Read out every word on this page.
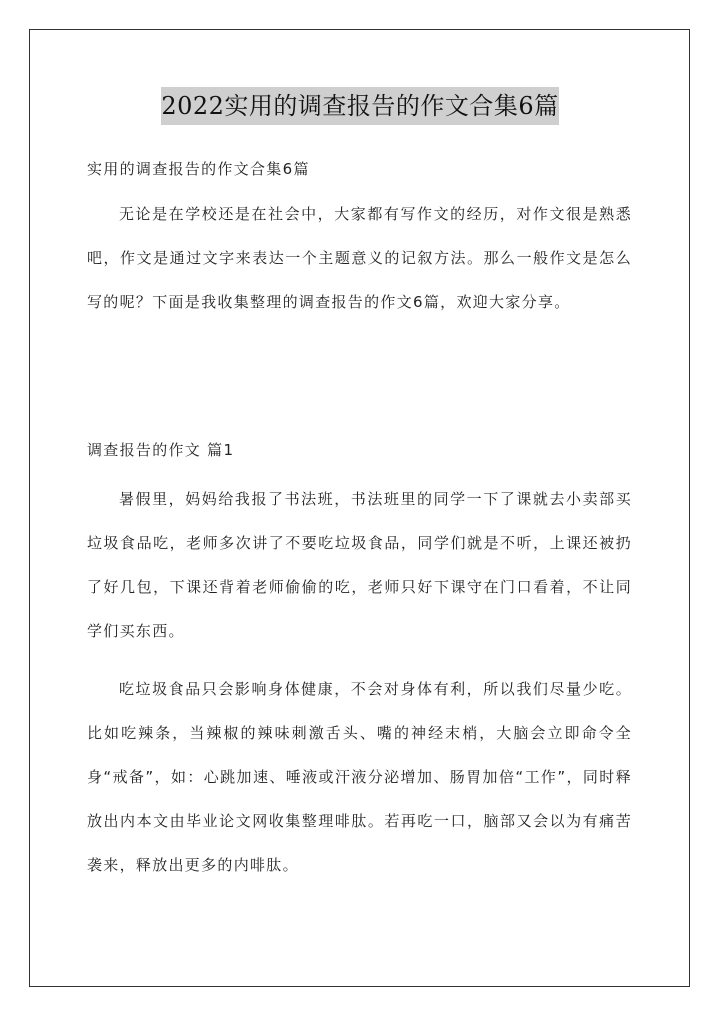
2022实用的调查报告的作文合集6篇
实用的调查报告的作文合集6篇
无论是在学校还是在社会中，大家都有写作文的经历，对作文很是熟悉吧，作文是通过文字来表达一个主题意义的记叙方法。那么一般作文是怎么写的呢？下面是我收集整理的调查报告的作文6篇，欢迎大家分享。
调查报告的作文 篇1
暑假里，妈妈给我报了书法班，书法班里的同学一下了课就去小卖部买垃圾食品吃，老师多次讲了不要吃垃圾食品，同学们就是不听，上课还被扔了好几包，下课还背着老师偷偷的吃，老师只好下课守在门口看着，不让同学们买东西。
吃垃圾食品只会影响身体健康，不会对身体有利，所以我们尽量少吃。比如吃辣条，当辣椒的辣味刺激舌头、嘴的神经末梢，大脑会立即命令全身“戒备”，如：心跳加速、唾液或汗液分泌增加、肠胃加倍“工作”，同时释放出内本文由毕业论文网收集整理啡肽。若再吃一口，脑部又会以为有痛苦袭来，释放出更多的内啡肽。
